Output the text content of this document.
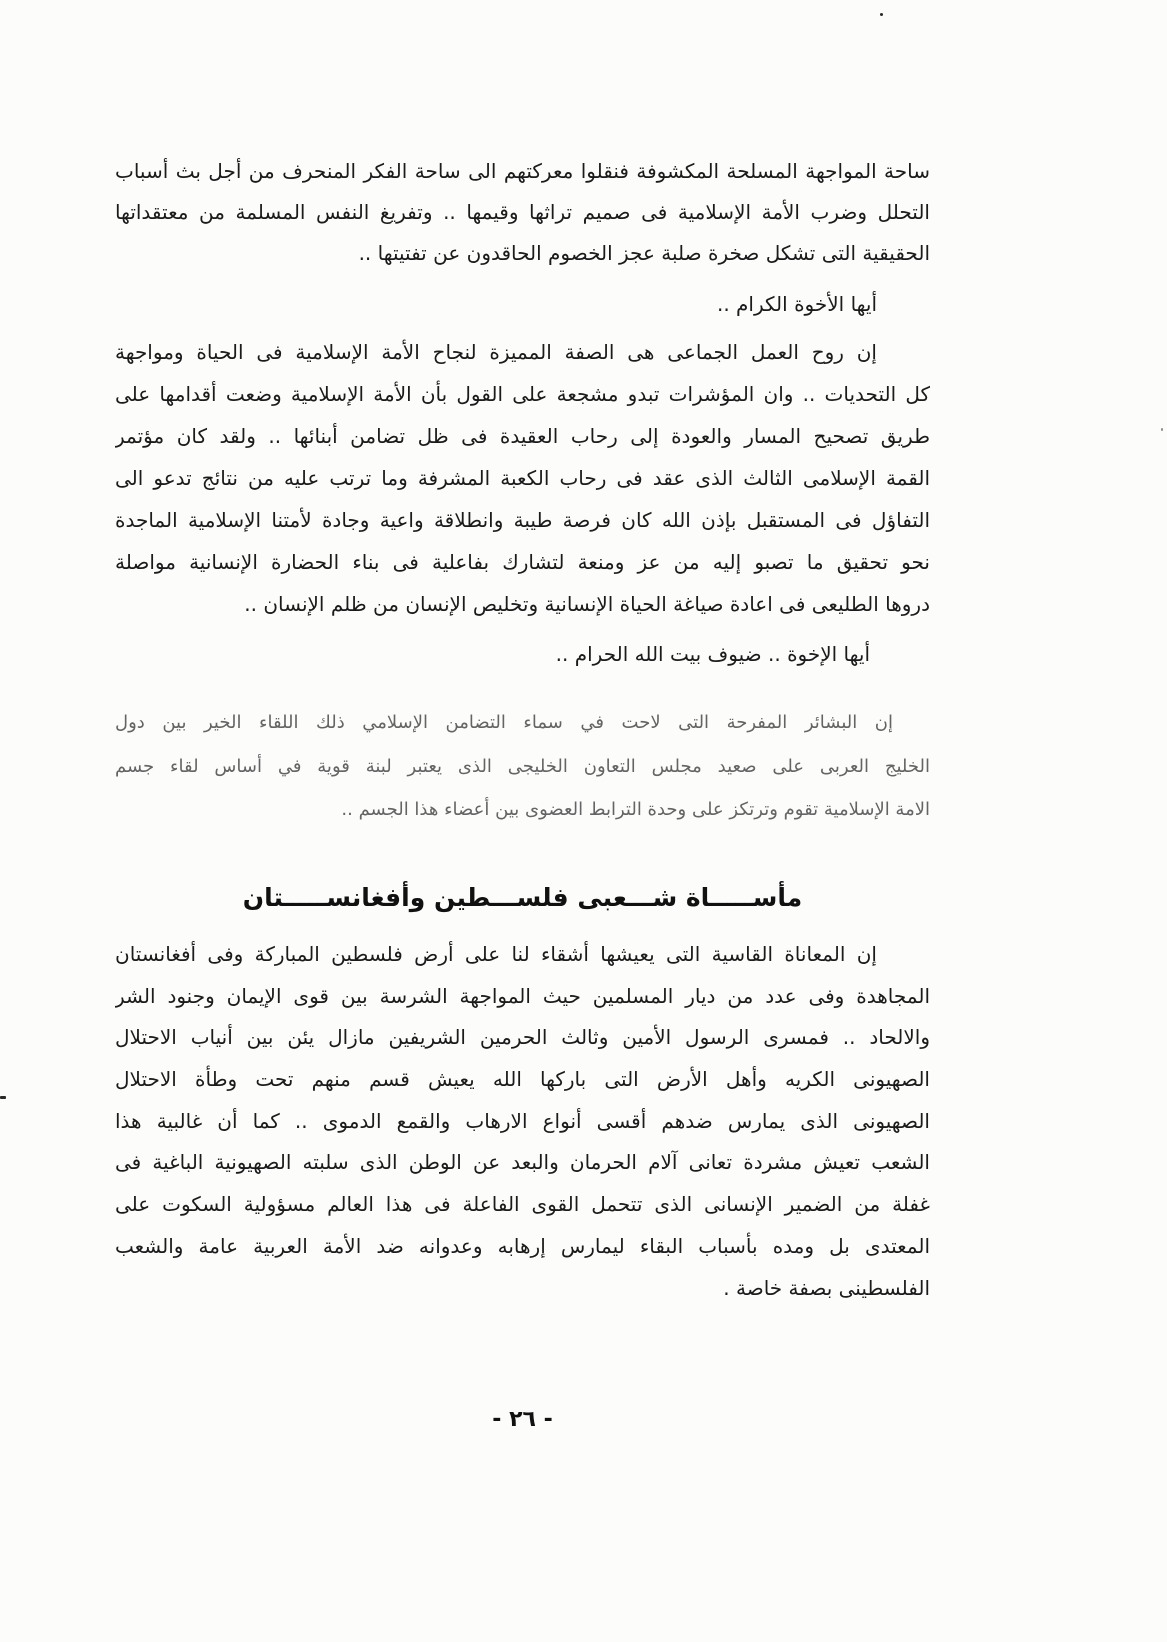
ساحة المواجهة المسلحة المكشوفة فنقلوا معركتهم الى ساحة الفكر المنحرف من أجل بث أسباب
التحلل وضرب الأمة الإسلامية فى صميم تراثها وقيمها .. وتفريغ النفس المسلمة من معتقداتها
الحقيقية التى تشكل صخرة صلبة عجز الخصوم الحاقدون عن تفتيتها ..
أيها الأخوة الكرام ..
إن روح العمل الجماعى هى الصفة المميزة لنجاح الأمة الإسلامية فى الحياة ومواجهة
كل التحديات .. وان المؤشرات تبدو مشجعة على القول بأن الأمة الإسلامية وضعت أقدامها على
طريق تصحيح المسار والعودة إلى رحاب العقيدة فى ظل تضامن أبنائها .. ولقد كان مؤتمر
القمة الإسلامى الثالث الذى عقد فى رحاب الكعبة المشرفة وما ترتب عليه من نتائج تدعو الى
التفاؤل فى المستقبل بإذن الله كان فرصة طيبة وانطلاقة واعية وجادة لأمتنا الإسلامية الماجدة
نحو تحقيق ما تصبو إليه من عز ومنعة لتشارك بفاعلية فى بناء الحضارة الإنسانية مواصلة
دروها الطليعى فى اعادة صياغة الحياة الإنسانية وتخليص الإنسان من ظلم الإنسان ..
أيها الإخوة .. ضيوف بيت الله الحرام ..
إن البشائر المفرحة التى لاحت في سماء التضامن الإسلامي ذلك اللقاء الخير بين دول
الخليج العربى على صعيد مجلس التعاون الخليجى الذى يعتبر لبنة قوية في أساس لقاء جسم
الامة الإسلامية تقوم وترتكز على وحدة الترابط العضوى بين أعضاء هذا الجسم ..
مأســـــاة شـــعبى فلســـطين وأفغانســـــتان
إن المعاناة القاسية التى يعيشها أشقاء لنا على أرض فلسطين المباركة وفى أفغانستان
المجاهدة وفى عدد من ديار المسلمين حيث المواجهة الشرسة بين قوى الإيمان وجنود الشر
والالحاد .. فمسرى الرسول الأمين وثالث الحرمين الشريفين مازال يئن بين أنياب الاحتلال
الصهيونى الكريه وأهل الأرض التى باركها الله يعيش قسم منهم تحت وطأة الاحتلال
الصهيونى الذى يمارس ضدهم أقسى أنواع الارهاب والقمع الدموى .. كما أن غالبية هذا
الشعب تعيش مشردة تعانى آلام الحرمان والبعد عن الوطن الذى سلبته الصهيونية الباغية فى
غفلة من الضمير الإنسانى الذى تتحمل القوى الفاعلة فى هذا العالم مسؤولية السكوت على
المعتدى بل ومده بأسباب البقاء ليمارس إرهابه وعدوانه ضد الأمة العربية عامة والشعب
الفلسطينى بصفة خاصة .
- ٢٦ -
